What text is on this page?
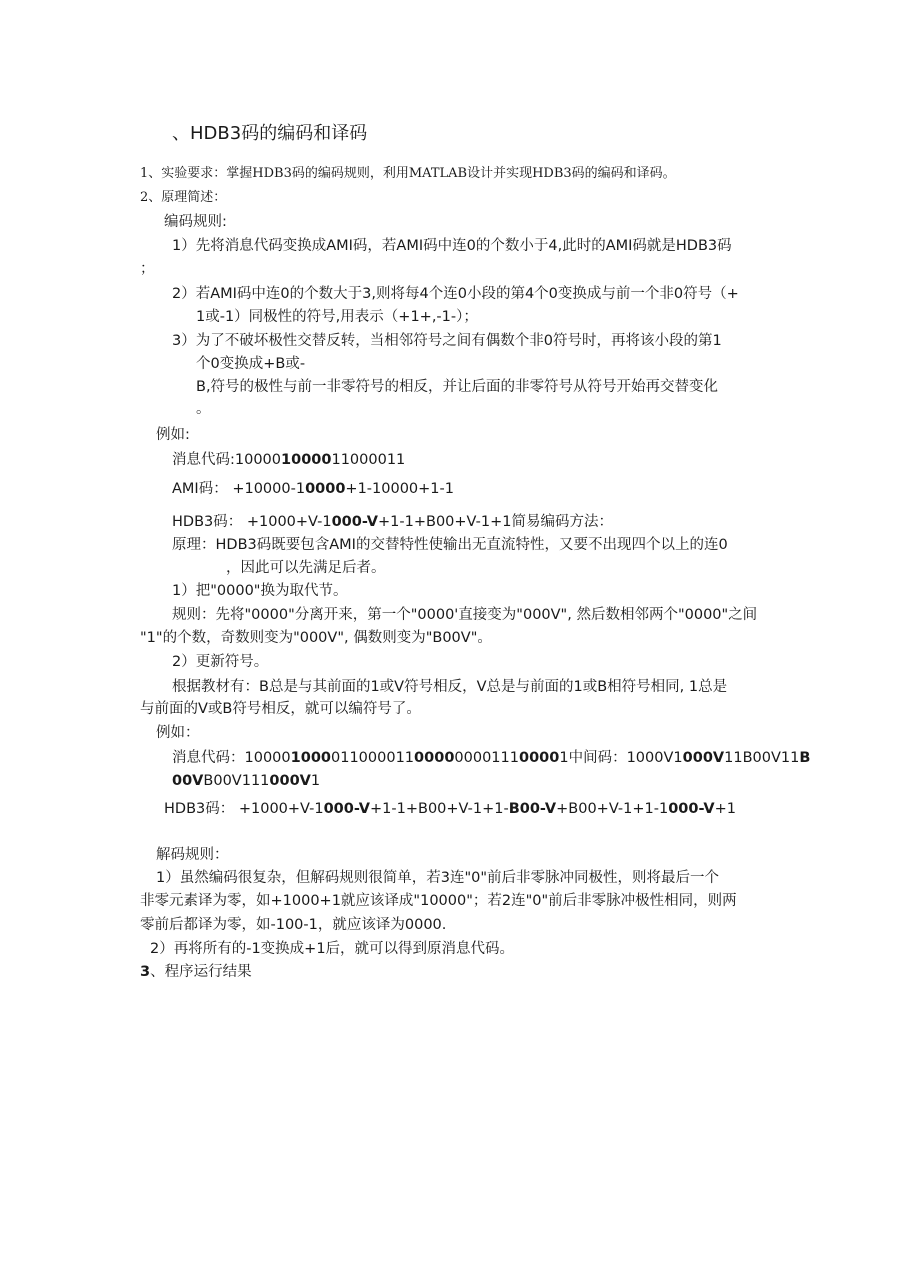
、HDB3码的编码和译码
1、实验要求：掌握HDB3码的编码规则，利用MATLAB设计并实现HDB3码的编码和译码。
2、原理简述：
编码规则:
1）先将消息代码变换成AMI码，若AMI码中连0的个数小于4,此时的AMI码就是HDB3码
；
2）若AMI码中连0的个数大于3,则将每4个连0小段的第4个0变换成与前一个非0符号（+
1或-1）同极性的符号,用表示（+1+,-1-）；
3）为了不破坏极性交替反转，当相邻符号之间有偶数个非0符号时，再将该小段的第1
个0变换成+B或-
B,符号的极性与前一非零符号的相反，并让后面的非零符号从符号开始再交替变化
。
例如:
消息代码:100001000011000011
AMI码： +10000-10000+1-10000+1-1
HDB3码： +1000+V-1000-V+1-1+B00+V-1+1简易编码方法：
原理：HDB3码既要包含AMI的交替特性使输出无直流特性，又要不出现四个以上的连0
，因此可以先满足后者。
1）把"0000"换为取代节。
规则：先将"0000"分离开来，第一个"0000'直接变为"000V", 然后数相邻两个"0000"之间
"1"的个数，奇数则变为"000V", 偶数则变为"B00V"。
2）更新符号。
根据教材有：B总是与其前面的1或V符号相反，V总是与前面的1或B相符号相同, 1总是
与前面的V或B符号相反，就可以编符号了。
例如：
消息代码：1000010000110000110000000011100001中间码：1000V1000V11B00V11B
00VB00V111000V1
HDB3码： +1000+V-1000-V+1-1+B00+V-1+1-B00-V+B00+V-1+1-1000-V+1
解码规则：
1）虽然编码很复杂，但解码规则很简单，若3连"0"前后非零脉冲同极性，则将最后一个
非零元素译为零，如+1000+1就应该译成"10000"；若2连"0"前后非零脉冲极性相同，则两
零前后都译为零，如-100-1，就应该译为0000.
2）再将所有的-1变换成+1后，就可以得到原消息代码。
3、程序运行结果
